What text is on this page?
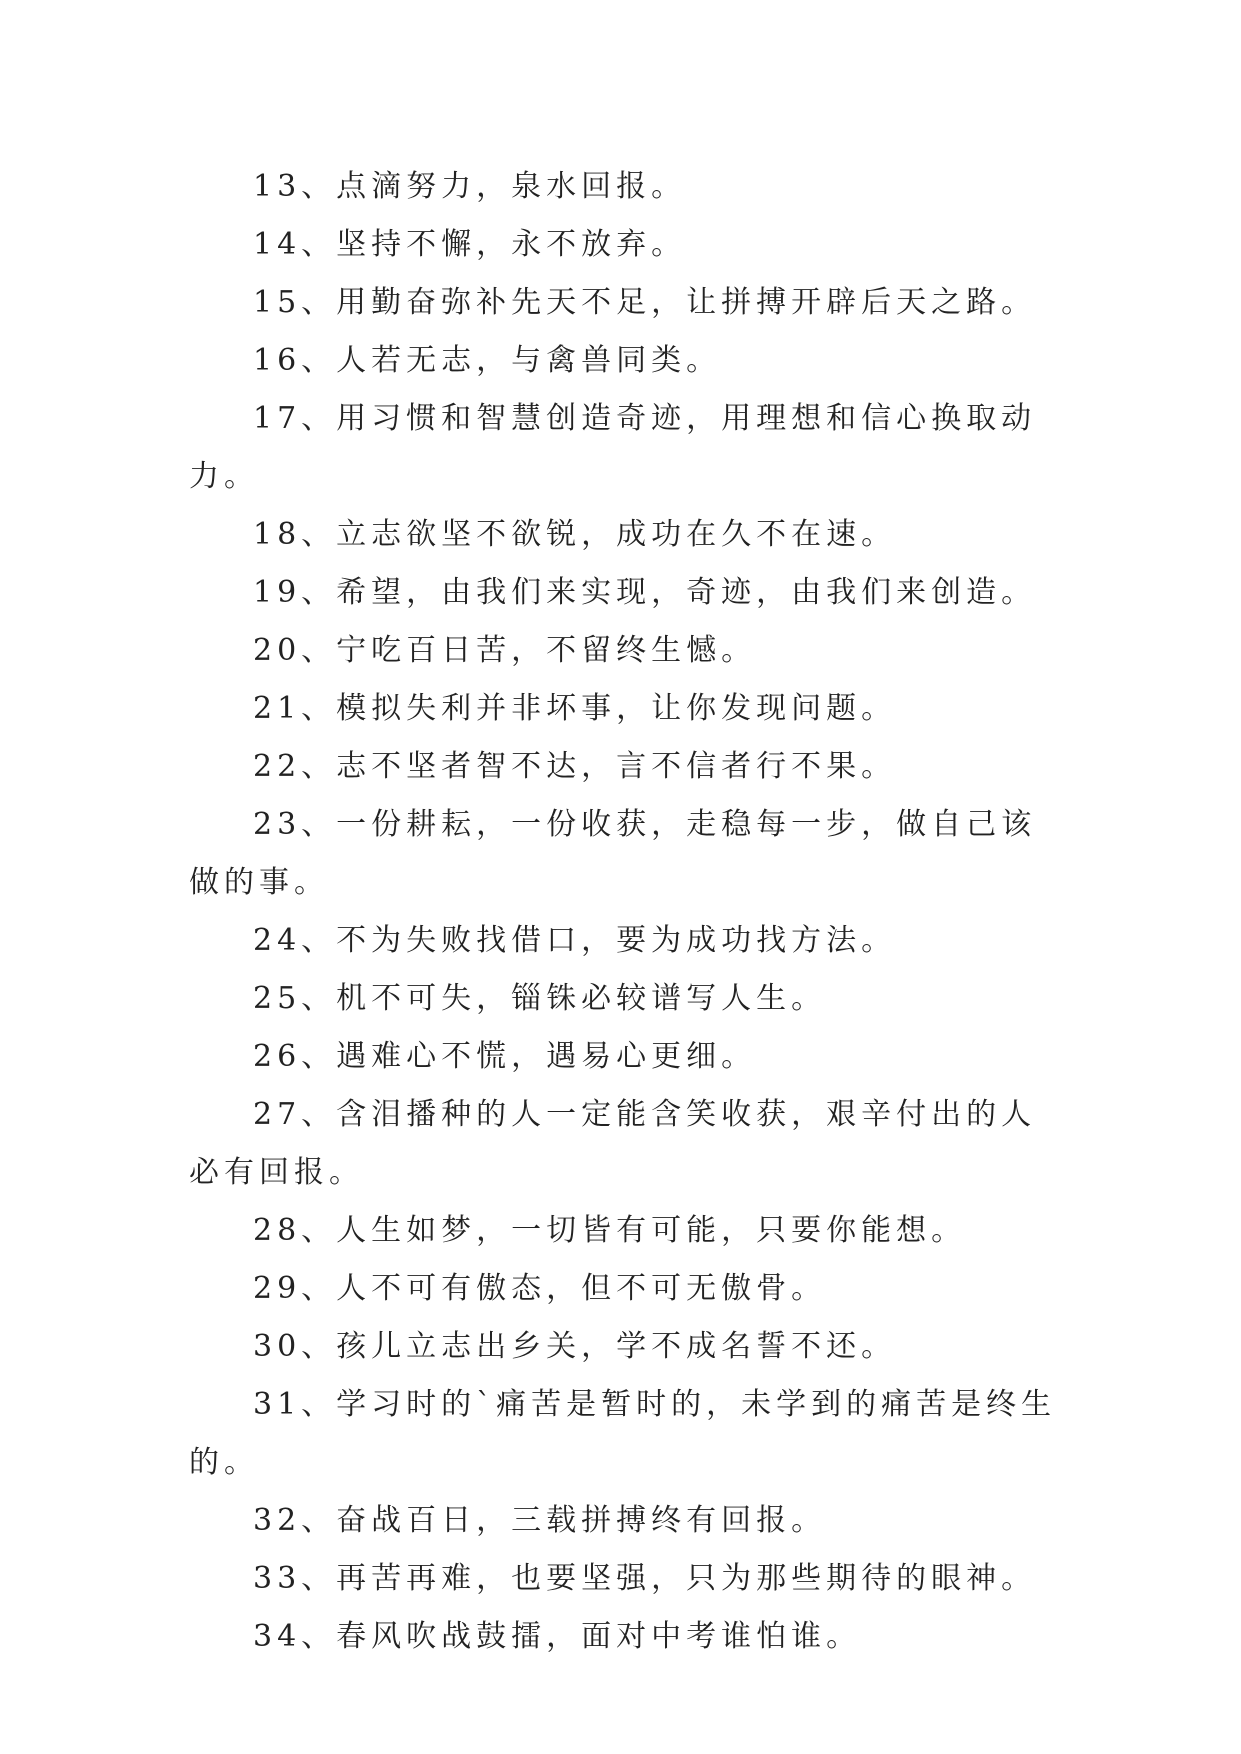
13、点滴努力，泉水回报。

14、坚持不懈，永不放弃。

15、用勤奋弥补先天不足，让拼搏开辟后天之路。

16、人若无志，与禽兽同类。

17、用习惯和智慧创造奇迹，用理想和信心换取动力。

18、立志欲坚不欲锐，成功在久不在速。

19、希望，由我们来实现，奇迹，由我们来创造。

20、宁吃百日苦，不留终生憾。

21、模拟失利并非坏事，让你发现问题。

22、志不坚者智不达，言不信者行不果。

23、一份耕耘，一份收获，走稳每一步，做自己该做的事。

24、不为失败找借口，要为成功找方法。

25、机不可失，锱铢必较谱写人生。

26、遇难心不慌，遇易心更细。

27、含泪播种的人一定能含笑收获，艰辛付出的人必有回报。

28、人生如梦，一切皆有可能，只要你能想。

29、人不可有傲态，但不可无傲骨。

30、孩儿立志出乡关，学不成名誓不还。

31、学习时的`痛苦是暂时的，未学到的痛苦是终生的。

32、奋战百日，三载拼搏终有回报。

33、再苦再难，也要坚强，只为那些期待的眼神。

34、春风吹战鼓擂，面对中考谁怕谁。
